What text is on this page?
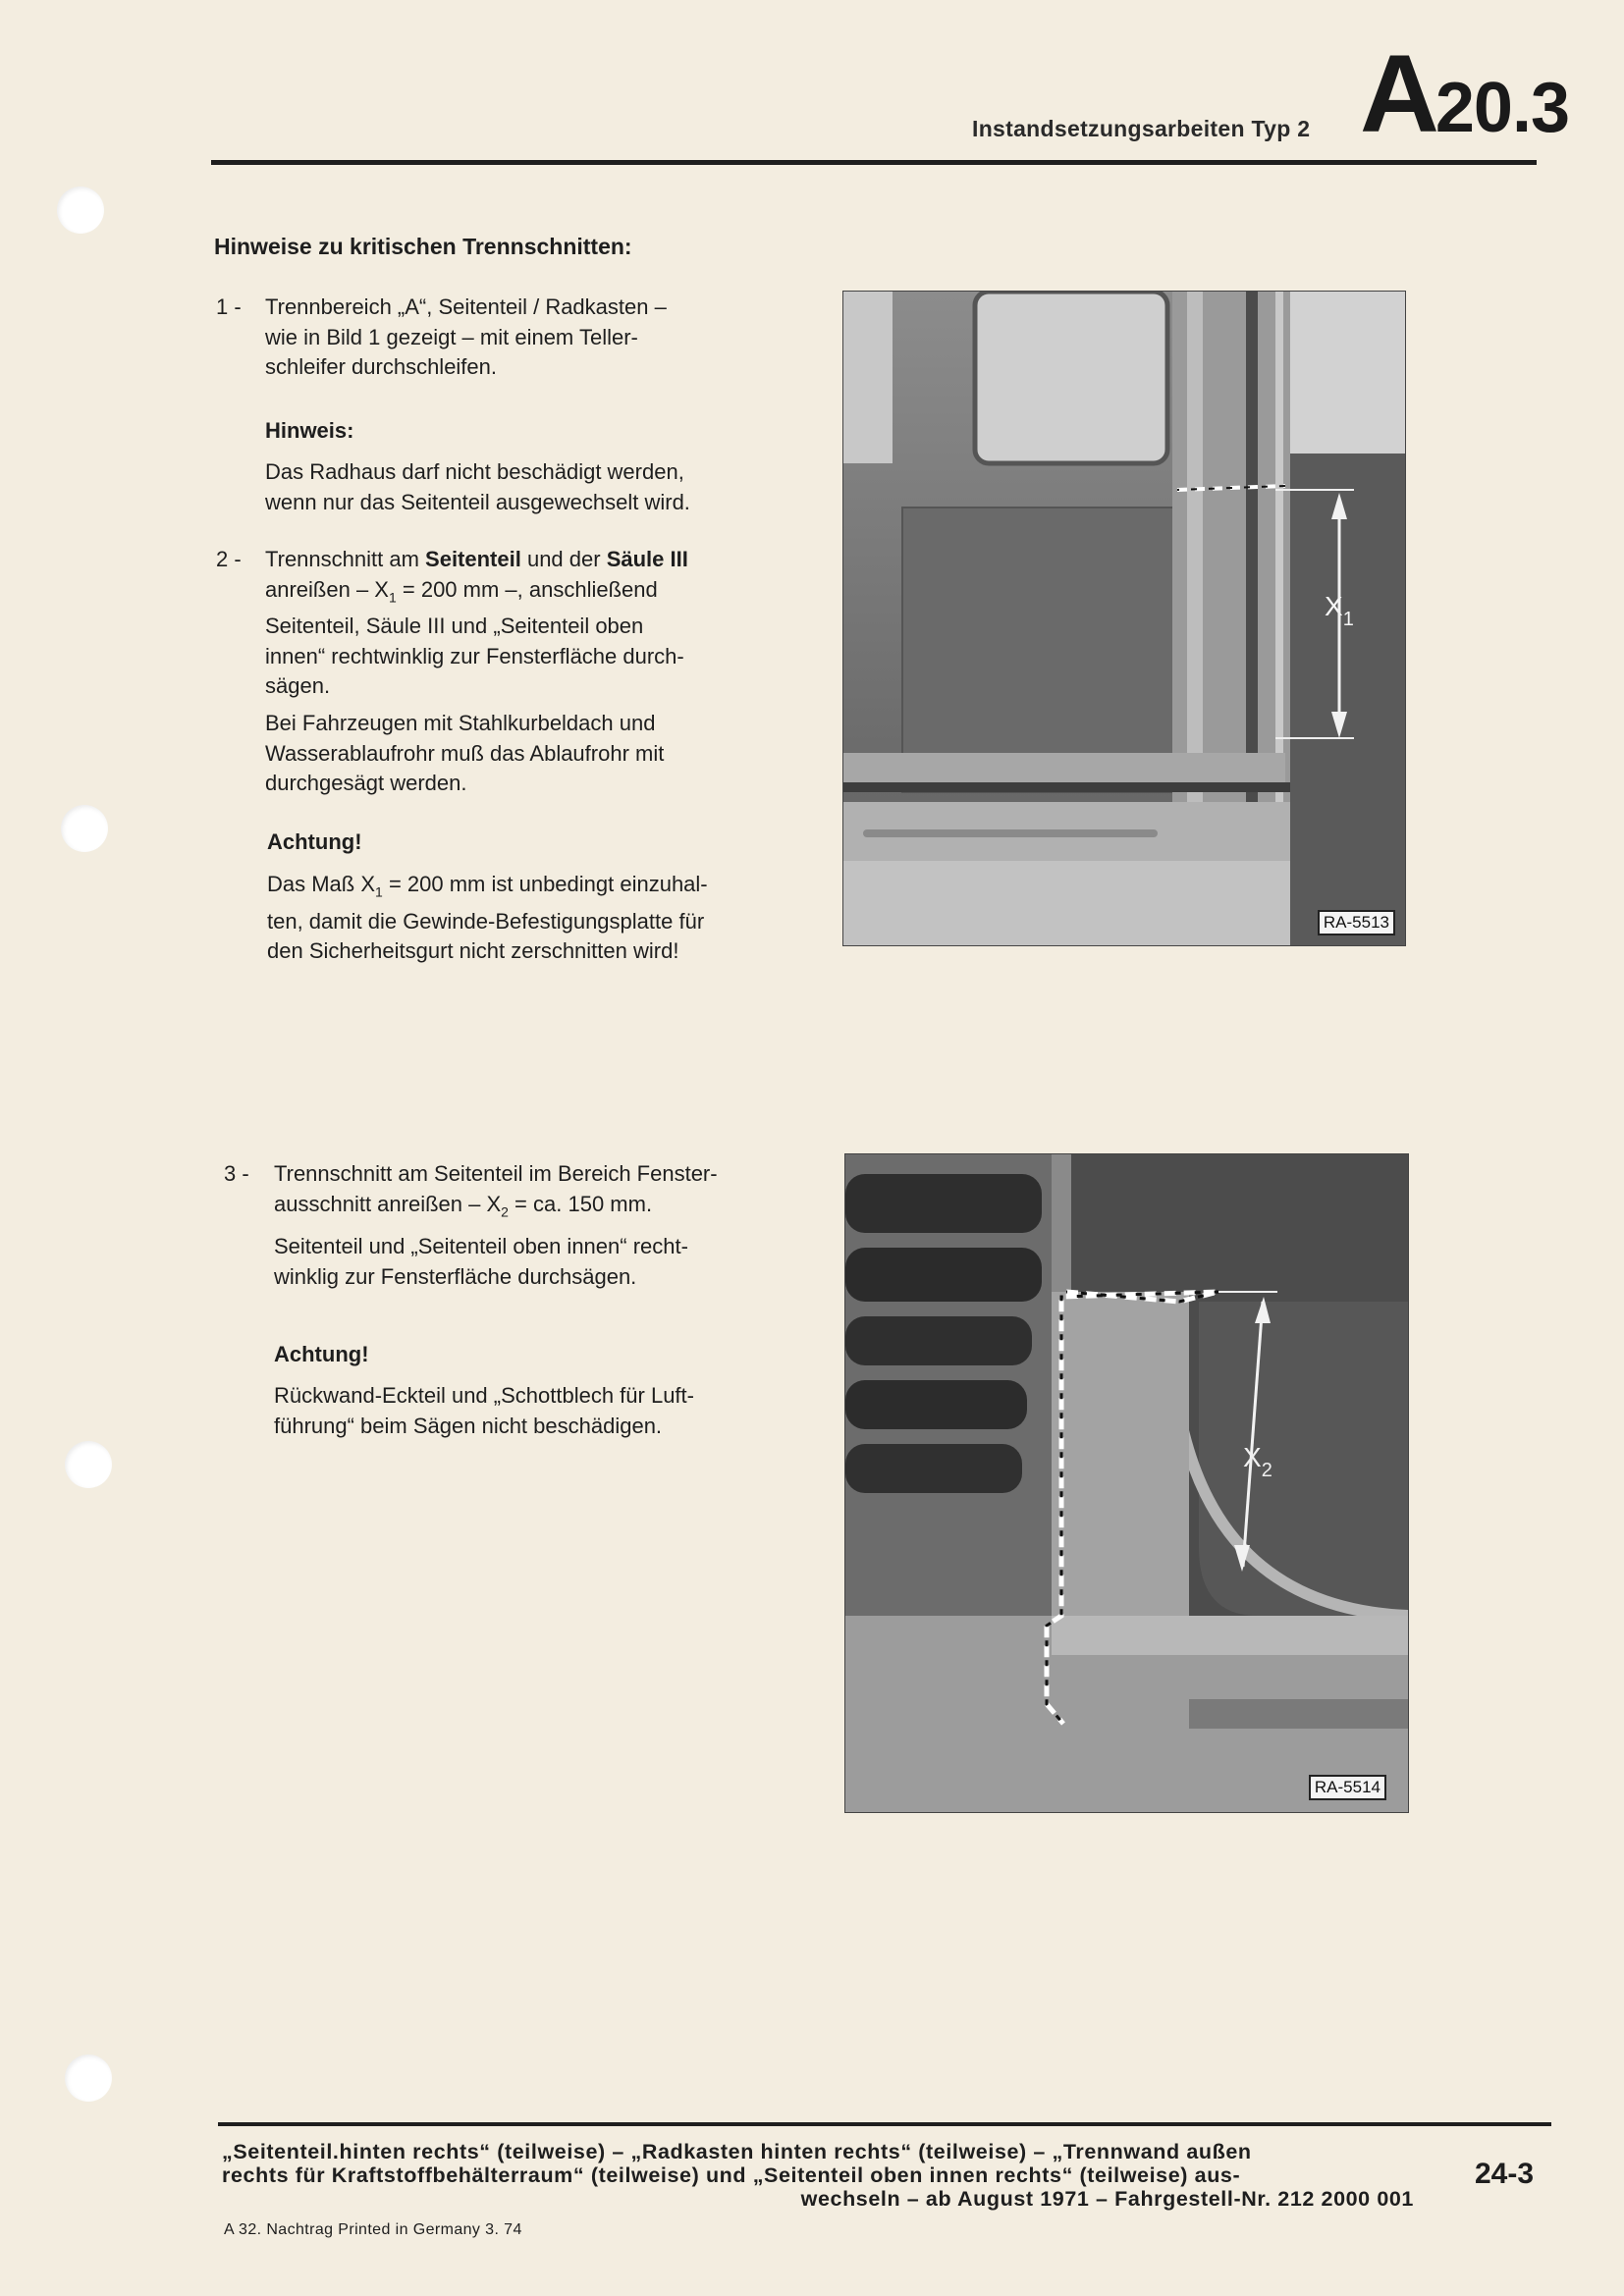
Instandsetzungsarbeiten Typ 2 A20.3
Hinweise zu kritischen Trennschnitten:
1 - Trennbereich „A“, Seitenteil / Radkasten –
wie in Bild 1 gezeigt – mit einem Teller-
schleifer durchschleifen.
Hinweis:
Das Radhaus darf nicht beschädigt werden,
wenn nur das Seitenteil ausgewechselt wird.
2 - Trennschnitt am Seitenteil und der Säule III
anreißen – $X_1 = 200$ mm –, anschließend
Seitenteil, Säule III und „Seitenteil oben
innen“ rechtwinklig zur Fensterfläche durch-
sägen.
Bei Fahrzeugen mit Stahlkurbeldach und
Wasserablaufrohr muß das Ablaufrohr mit
durchgesägt werden.
Achtung!
Das Maß $X_1 = 200$ mm ist unbedingt einzuhal-
ten, damit die Gewinde-Befestigungsplatte für
den Sicherheitsgurt nicht zerschnitten wird!
$X_1$
RA-5513
3 - Trennschnitt am Seitenteil im Bereich Fenster-
ausschnitt anreißen – $X_2$ = ca. 150 mm.
Seitenteil und „Seitenteil oben innen“ recht-
winklig zur Fensterfläche durchsägen.
Achtung!
Rückwand-Eckteil und „Schottblech für Luft-
führung“ beim Sägen nicht beschädigen.
$X_2$
RA-5514
„Seitenteil.hinten rechts“ (teilweise) – „Radkasten hinten rechts“ (teilweise) – „Trennwand außen
rechts für Kraftstoffbehälterraum“ (teilweise) und „Seitenteil oben innen rechts“ (teilweise) aus-
wechseln – ab August 1971 – Fahrgestell-Nr. 212 2000 001
24-3
A 32. Nachtrag Printed in Germany 3. 74
